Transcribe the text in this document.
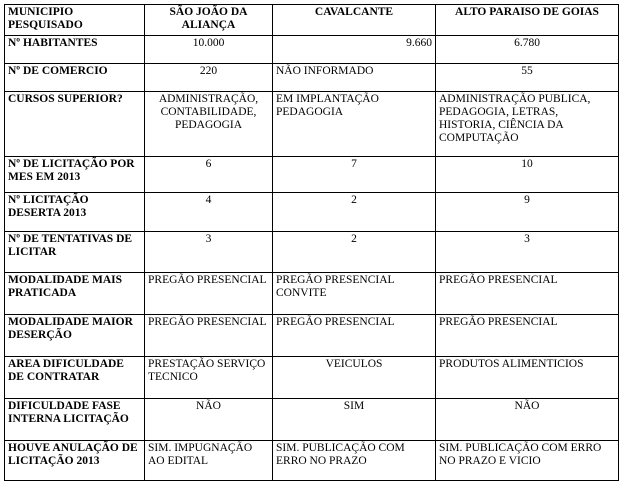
MUNICIPIO PESQUISADO	SÃO JOÃO DA ALIANÇA	CAVALCANTE	ALTO PARAISO DE GOIAS
Nº HABITANTES	10.000	9.660	6.780
Nº DE COMERCIO	220	NÃO INFORMADO	55
CURSOS SUPERIOR?	ADMINISTRAÇÃO, CONTABILIDADE, PEDAGOGIA	EM IMPLANTAÇÃO PEDAGOGIA	ADMINISTRAÇÃO PUBLICA, PEDAGOGIA, LETRAS, HISTORIA, CIÊNCIA DA COMPUTAÇÃO
Nº DE LICITAÇÃO POR MES EM 2013	6	7	10
Nº LICITAÇÃO DESERTA 2013	4	2	9
Nº DE TENTATIVAS DE LICITAR	3	2	3
MODALIDADE MAIS PRATICADA	PREGÃO PRESENCIAL	PREGÃO PRESENCIAL CONVITE	PREGÃO PRESENCIAL
MODALIDADE MAIOR DESERÇÃO	PREGÃO PRESENCIAL	PREGÃO PRESENCIAL	PREGÃO PRESENCIAL
AREA DIFICULDADE DE CONTRATAR	PRESTAÇÃO SERVIÇO TECNICO	VEICULOS	PRODUTOS ALIMENTICIOS
DIFICULDADE FASE INTERNA LICITAÇÃO	NÃO	SIM	NÃO
HOUVE ANULAÇÃO DE LICITAÇÃO 2013	SIM. IMPUGNAÇÃO AO EDITAL	SIM. PUBLICAÇÃO COM ERRO NO PRAZO	SIM. PUBLICAÇÃO COM ERRO NO PRAZO E VICIO
